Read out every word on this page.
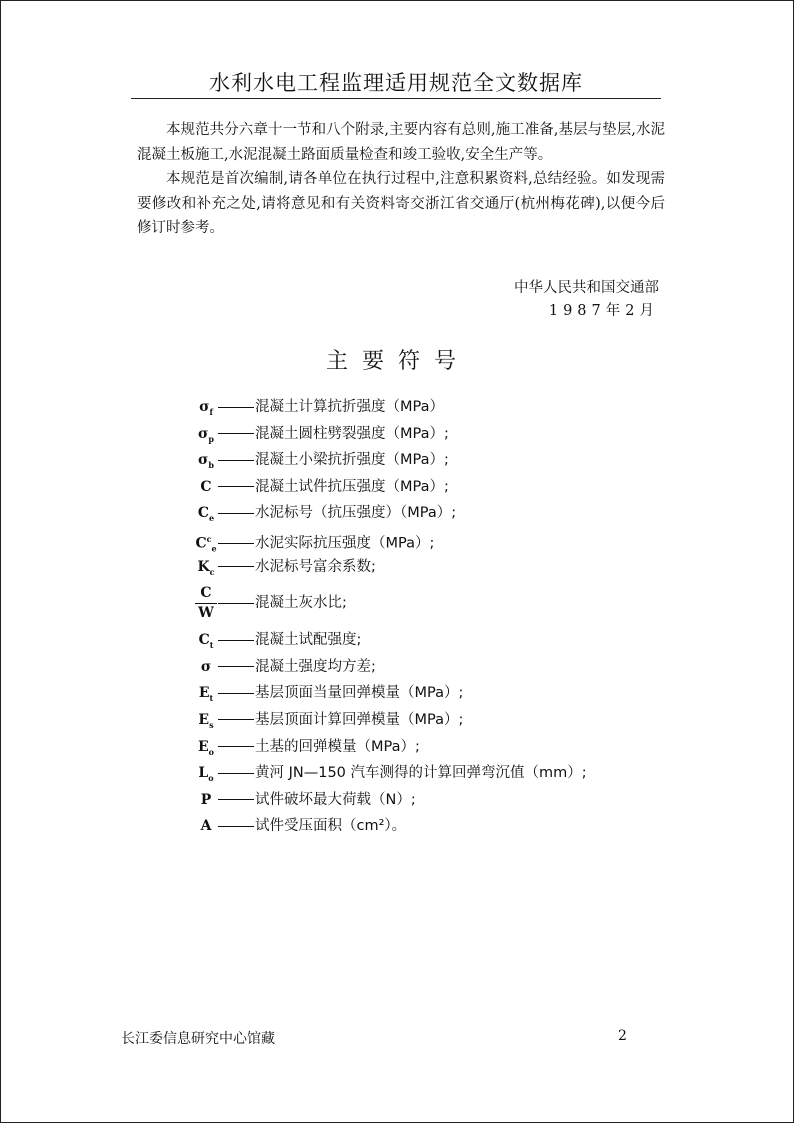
水利水电工程监理适用规范全文数据库

本规范共分六章十一节和八个附录,主要内容有总则,施工准备,基层与垫层,水泥混凝土板施工,水泥混凝土路面质量检查和竣工验收,安全生产等。

本规范是首次编制,请各单位在执行过程中,注意积累资料,总结经验。如发现需要修改和补充之处,请将意见和有关资料寄交浙江省交通厅(杭州梅花碑),以便今后修订时参考。

中华人民共和国交通部
1987年2月
主要符号
$\sigma_f$	混凝土计算抗折强度（MPa）
$\sigma_p$	混凝土圆柱劈裂强度（MPa）;
$\sigma_b$	混凝土小梁抗折强度（MPa）;
C	混凝土试件抗压强度（MPa）;
$C_e$	水泥标号（抗压强度）（MPa）;
$C^c_e$	水泥实际抗压强度（MPa）;
$K_c$	水泥标号富余系数;
$\frac{C}{W}$	混凝土灰水比;
$C_t$	混凝土试配强度;
σ	混凝土强度均方差;
$E_t$	基层顶面当量回弹模量（MPa）;
$E_s$	基层顶面计算回弹模量（MPa）;
$E_o$	土基的回弹模量（MPa）;
$L_o$	黄河 JN—150 汽车测得的计算回弹弯沉值（mm）;
P	试件破坏最大荷载（N）;
A	试件受压面积（cm²）。
长江委信息研究中心馆藏	2
